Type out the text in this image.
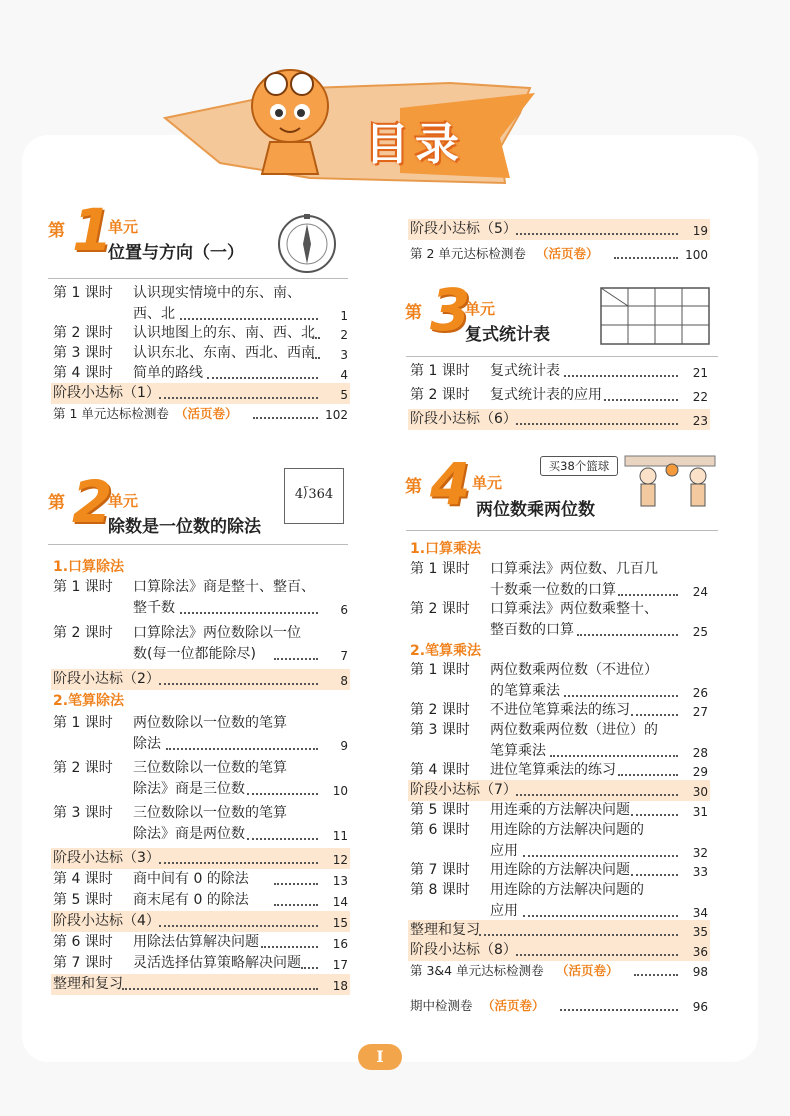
目录
第 1
单元
位置与方向（一）
第 2
单元
除数是一位数的除法
4⟌364
第 3
单元
复式统计表
第 4 单元
两位数乘两位数
买38个篮球
I
第 1 课时 认识现实情境中的东、南、
西、北	1
第 2 课时 认识地图上的东、南、西、北 2
第 3 课时 认识东北、东南、西北、西南 3
第 4 课时 简单的路线	4
阶段小达标（1）	5
第 1 单元达标检测卷 （活页卷）	102
1.口算除法
第 1 课时 口算除法》商是整十、整百、
整千数	6
第 2 课时 口算除法》两位数除以一位
数(每一位都能除尽)	7
阶段小达标（2）	8
2.笔算除法
第 1 课时 两位数除以一位数的笔算
除法	9
第 2 课时 三位数除以一位数的笔算
除法》商是三位数	10
第 3 课时 三位数除以一位数的笔算
除法》商是两位数	11
阶段小达标（3）	12
第 4 课时 商中间有 0 的除法	13
第 5 课时 商末尾有 0 的除法	14
阶段小达标（4）	15
第 6 课时 用除法估算解决问题	16
第 7 课时 灵活选择估算策略解决问题	17
整理和复习	18
阶段小达标（5）	19
第 2 单元达标检测卷 （活页卷）	100
第 1 课时 复式统计表	21
第 2 课时 复式统计表的应用	22
阶段小达标（6）	23
1.口算乘法
第 1 课时 口算乘法》两位数、几百几
十数乘一位数的口算	24
第 2 课时 口算乘法》两位数乘整十、
整百数的口算	25
2.笔算乘法
第 1 课时 两位数乘两位数（不进位）
的笔算乘法	26
第 2 课时 不进位笔算乘法的练习	27
第 3 课时 两位数乘两位数（进位）的
笔算乘法	28
第 4 课时 进位笔算乘法的练习	29
阶段小达标（7）	30
第 5 课时 用连乘的方法解决问题	31
第 6 课时 用连除的方法解决问题的
应用	32
第 7 课时 用连除的方法解决问题	33
第 8 课时 用连除的方法解决问题的
应用	34
整理和复习	35
阶段小达标（8）	36
第 3&4 单元达标检测卷 （活页卷）	98
期中检测卷 （活页卷）	96
